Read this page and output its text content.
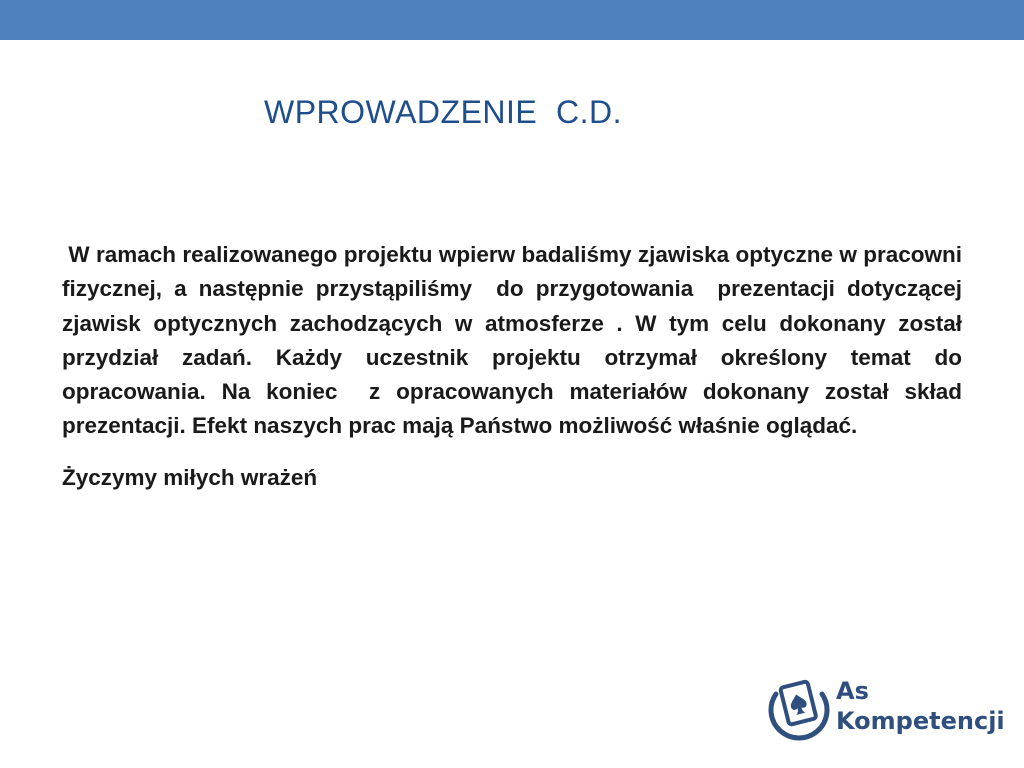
WPROWADZENIE  C.D.

W ramach realizowanego projektu wpierw badaliśmy zjawiska optyczne w pracowni fizycznej, a następnie przystąpiliśmy  do przygotowania  prezentacji dotyczącej zjawisk optycznych zachodzących w atmosferze . W tym celu dokonany został przydział zadań. Każdy uczestnik projektu otrzymał określony temat do opracowania. Na koniec  z opracowanych materiałów dokonany został skład prezentacji. Efekt naszych prac mają Państwo możliwość właśnie oglądać.

Życzymy miłych wrażeń

As
Kompetencji
